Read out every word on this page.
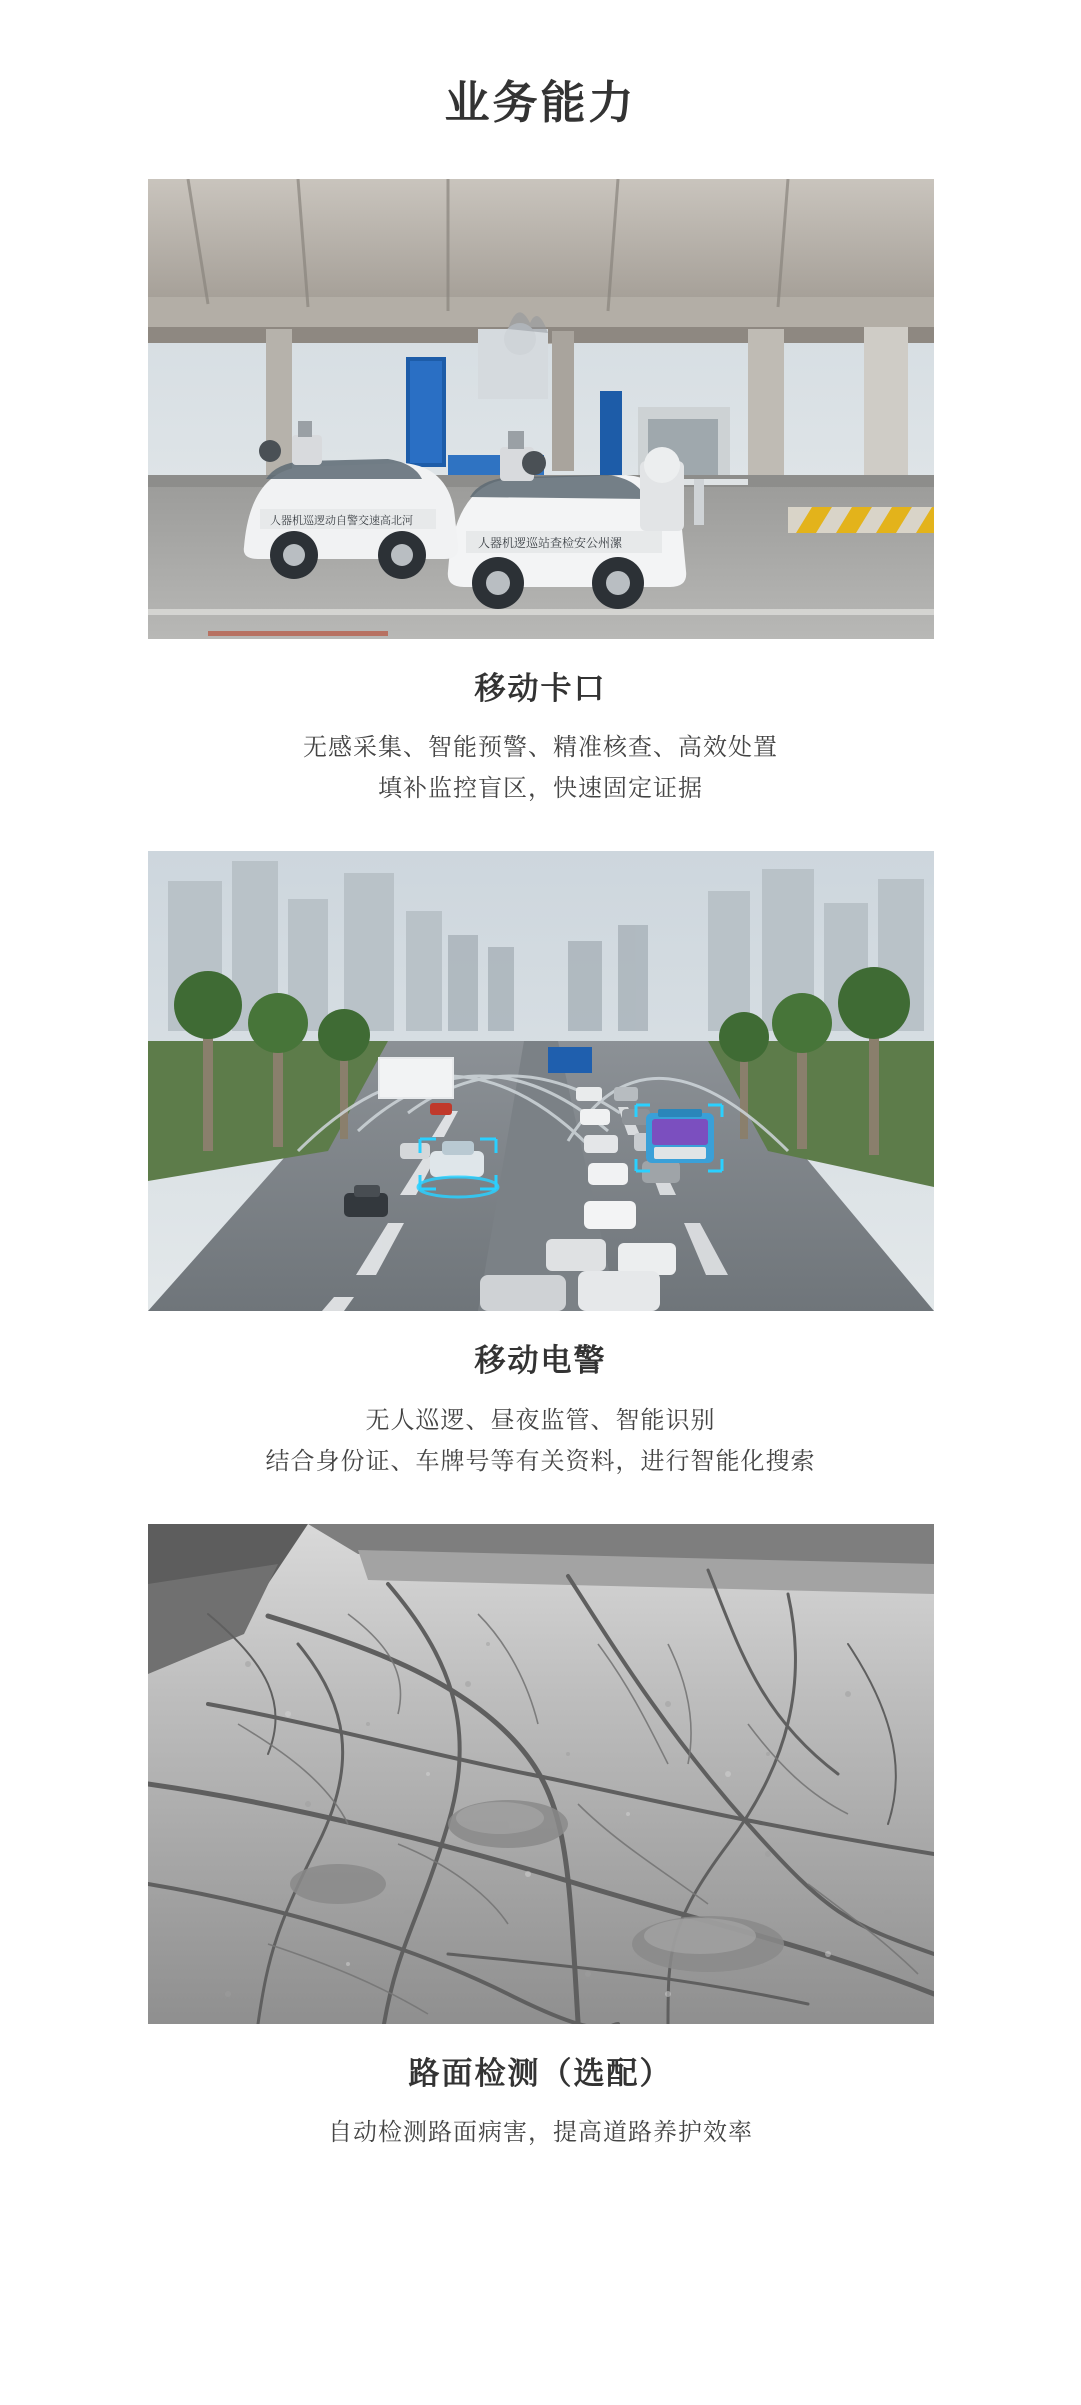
业务能力
人器机逻巡站查检安公州漯
人器机巡逻动自警交速高北河
移动卡口
无感采集、智能预警、精准核查、高效处置
填补监控盲区，快速固定证据
移动电警
无人巡逻、昼夜监管、智能识别
结合身份证、车牌号等有关资料，进行智能化搜索
路面检测（选配）
自动检测路面病害，提高道路养护效率
